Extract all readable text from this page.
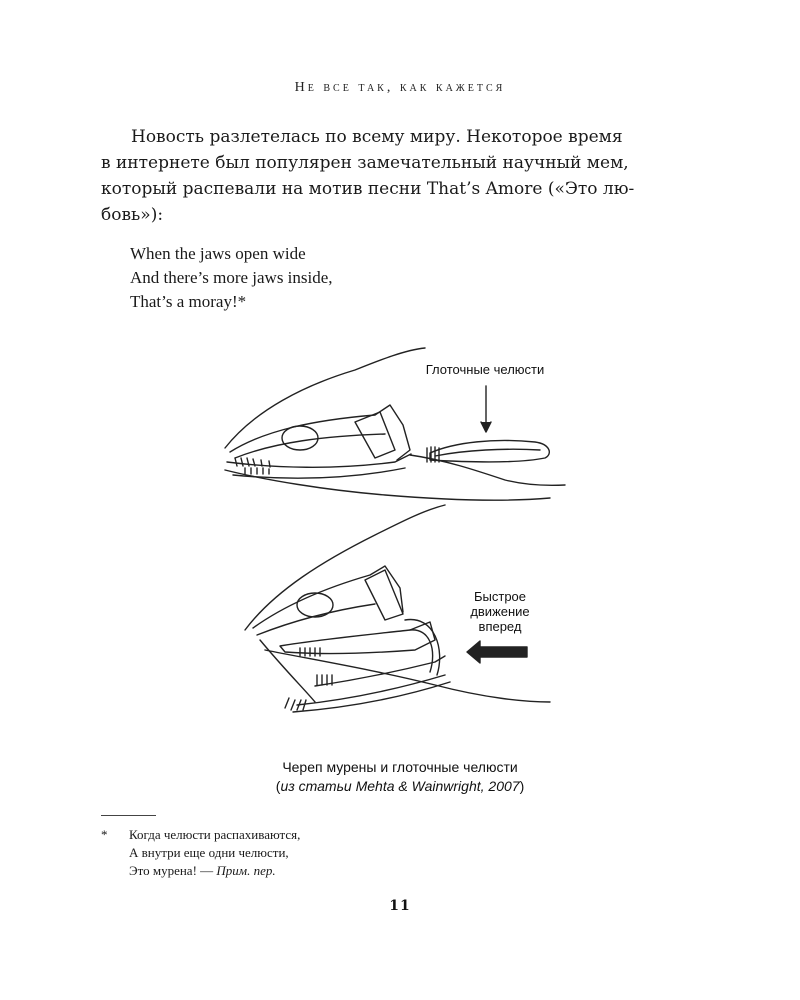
Не все так, как кажется
Новость разлетелась по всему миру. Некоторое время
в интернете был популярен замечательный научный мем,
который распевали на мотив песни That’s Amore («Это лю-
бовь»):
When the jaws open wide
And there’s more jaws inside,
That’s a moray!*
Глоточные челюсти
Быстрое
движение
вперед
Череп мурены и глоточные челюсти
(из статьи Mehta & Wainwright, 2007)
* Когда челюсти распахиваются,
А внутри еще одни челюсти,
Это мурена! — Прим. пер.
11
